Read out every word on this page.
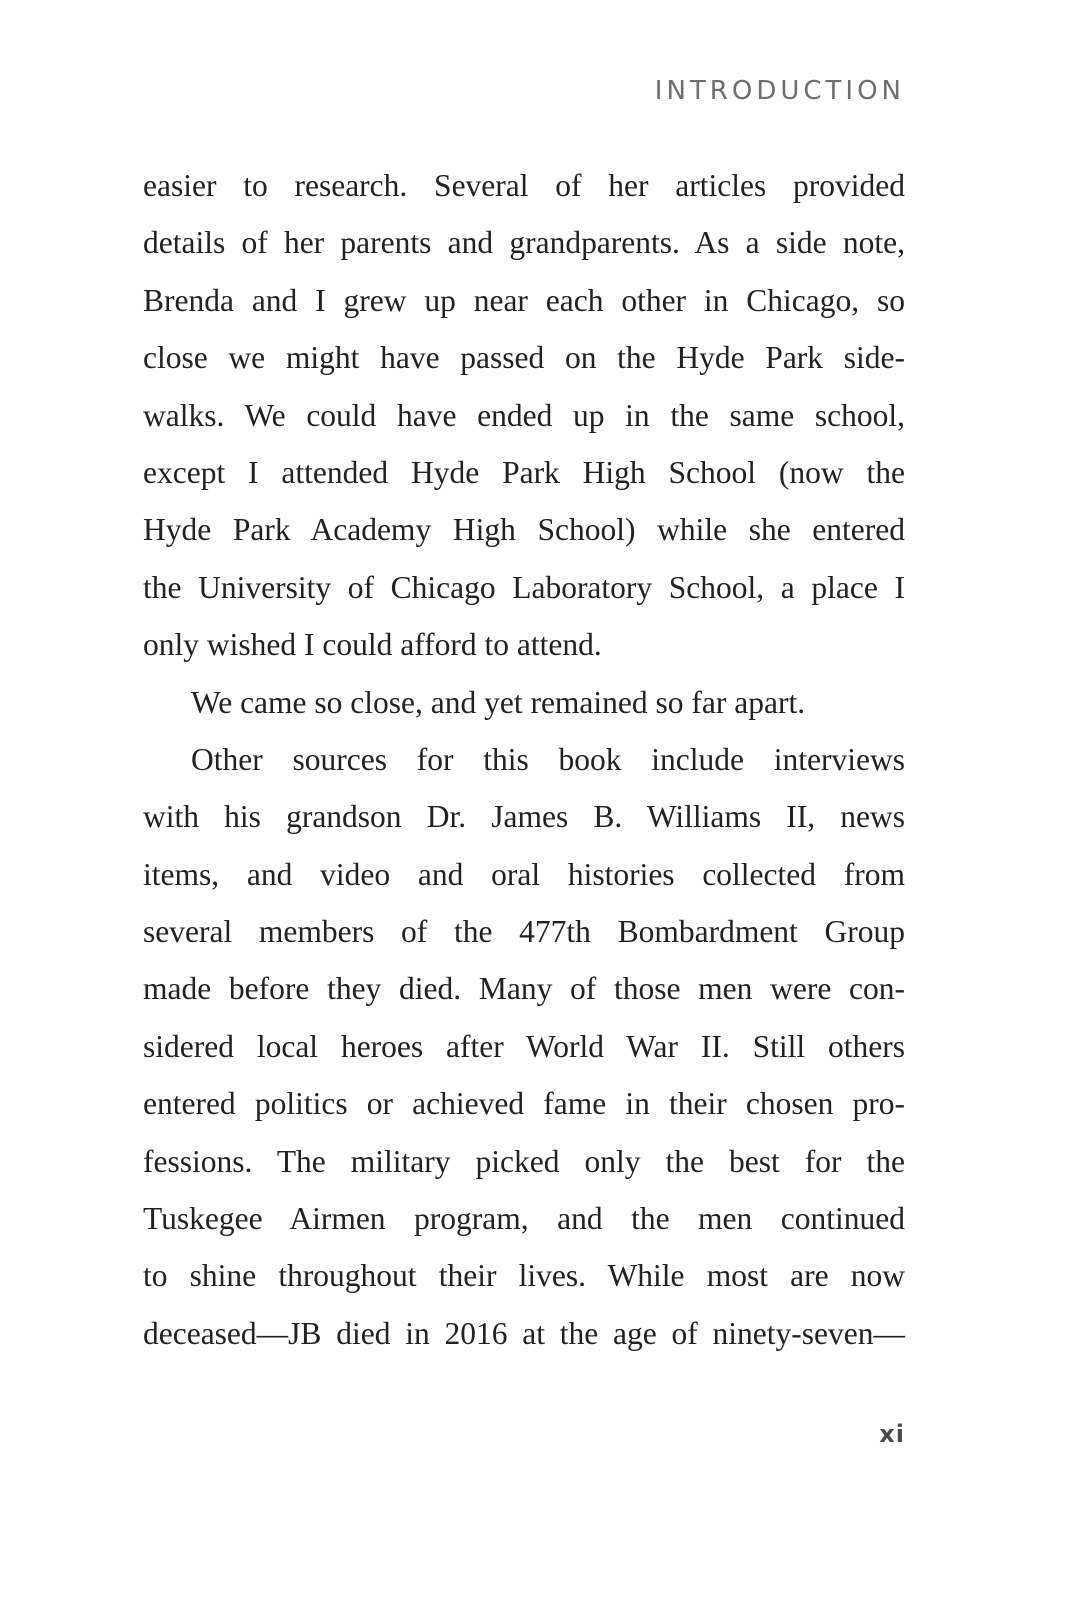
INTRODUCTION
easier to research. Several of her articles provided
details of her parents and grandparents. As a side note,
Brenda and I grew up near each other in Chicago, so
close we might have passed on the Hyde Park side-
walks. We could have ended up in the same school,
except I attended Hyde Park High School (now the
Hyde Park Academy High School) while she entered
the University of Chicago Laboratory School, a place I
only wished I could afford to attend.
We came so close, and yet remained so far apart.
Other sources for this book include interviews
with his grandson Dr. James B. Williams II, news
items, and video and oral histories collected from
several members of the 477th Bombardment Group
made before they died. Many of those men were con-
sidered local heroes after World War II. Still others
entered politics or achieved fame in their chosen pro-
fessions. The military picked only the best for the
Tuskegee Airmen program, and the men continued
to shine throughout their lives. While most are now
deceased—JB died in 2016 at the age of ninety-seven—
xi
